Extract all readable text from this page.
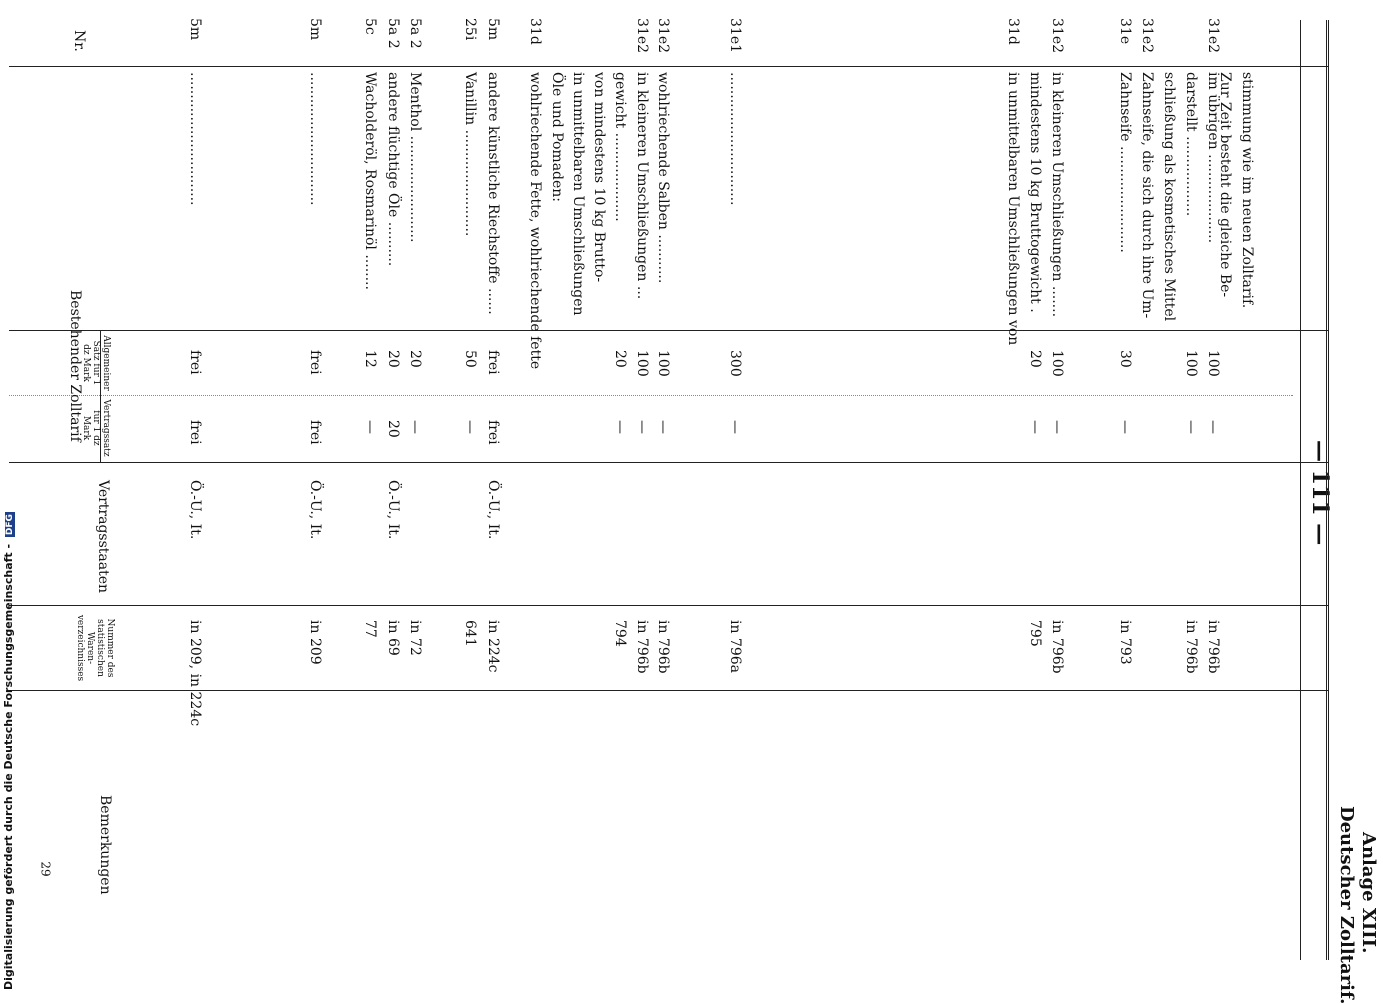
Anlage XIII.
Deutscher Zolltarif.
— 111 —
Nr.
Bestehender Zolltarif	Allgemeiner Satz für 1 dz Mark
Vertragssatz für 1 dz Mark
Vertragsstaaten
Nummer des statistischen Waren-verzeichnisses
Bemerkungen
5m
..............................
frei
frei
Ö.-U., It.
in 209, in 224c
5m
..............................
frei
frei
Ö.-U., It.
in 209
5c
Wacholderöl, Rosmarinöl ........
12
—
77
5a 2
andere flüchtige Öle ..........
20
20
Ö.-U., It.
in 69
5a 2
Menthol ........................
20
—
in 72
25i
Vanillin ........................
50
—
641
5m
andere künstliche Riechstoffe ......
frei
frei
Ö.-U., It.
in 224c
31d
wohlriechende Fette, wohlriechende fette Öle und Pomaden: in unmittelbaren Umschließungen von mindestens 10 kg Brutto- gewicht ....................
20
—
794
31e2
in kleineren Umschließungen ...
100
—
in 796b
31e2
wohlriechende Salben ...........
100
—
in 796b
31e1
..............................
300
—
in 796a
31d
in unmittelbaren Umschließungen von mindestens 10 kg Bruttogewicht .
20
—
795
31e2
in kleineren Umschließungen .......
100
—
in 796b
31e
Zahnseife ........................
30
—
in 793
31e2
Zahnseife, die sich durch ihre Um- schließung als kosmetisches Mittel darstellt ..................
100
—
in 796b
31e2
im übrigen ....................
100
—
in 796b
Zur Zeit besteht die gleiche Be- stimmung wie im neuen Zolltarif.
Digitalisierung gefördert durch die Deutsche Forschungsgemeinschaft - DFG
29
